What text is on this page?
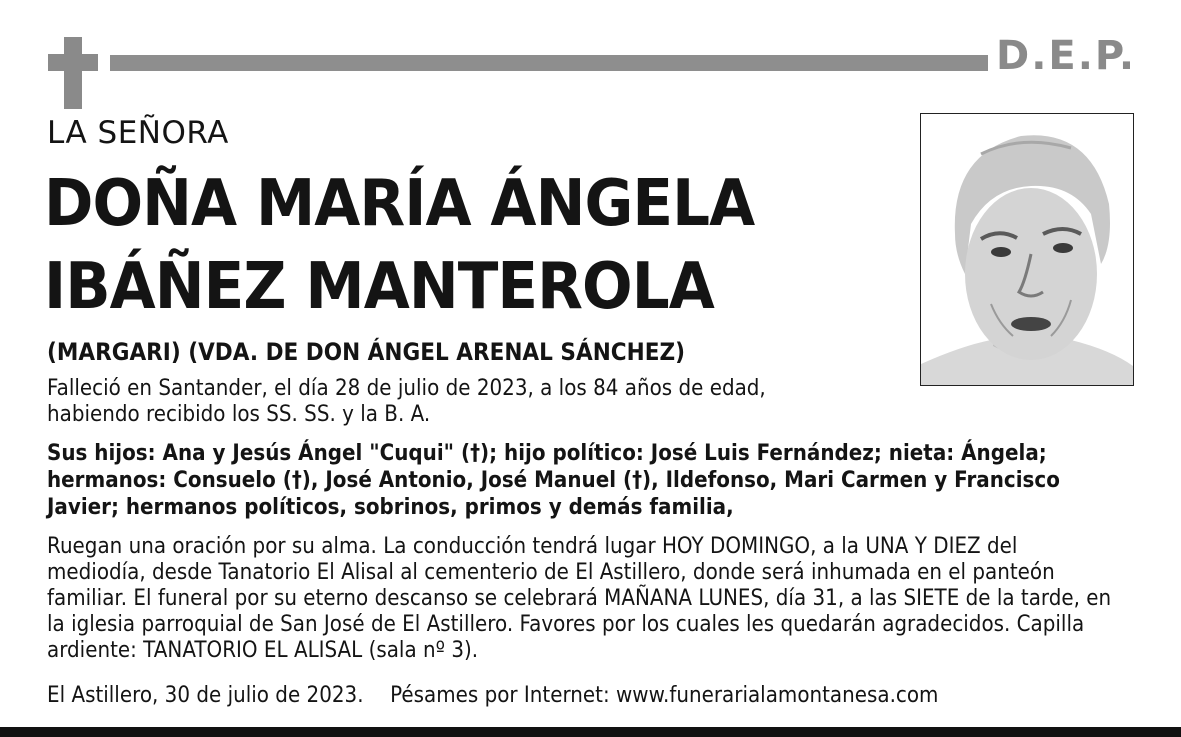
D.E.P.
LA SEÑORA
DOÑA MARÍA ÁNGELA
IBÁÑEZ MANTEROLA
(MARGARI) (VDA. DE DON ÁNGEL ARENAL SÁNCHEZ)
Falleció en Santander, el día 28 de julio de 2023, a los 84 años de edad, habiendo recibido los SS. SS. y la B. A.
Sus hijos: Ana y Jesús Ángel "Cuqui" (†); hijo político: José Luis Fernández; nieta: Ángela; hermanos: Consuelo (†), José Antonio, José Manuel (†), Ildefonso, Mari Carmen y Francisco Javier; hermanos políticos, sobrinos, primos y demás familia,
Ruegan una oración por su alma. La conducción tendrá lugar HOY DOMINGO, a la UNA Y DIEZ del mediodía, desde Tanatorio El Alisal al cementerio de El Astillero, donde será inhumada en el panteón familiar. El funeral por su eterno descanso se celebrará MAÑANA LUNES, día 31, a las SIETE de la tarde, en la iglesia parroquial de San José de El Astillero. Favores por los cuales les quedarán agradecidos. Capilla ardiente: TANATORIO EL ALISAL (sala nº 3).
El Astillero, 30 de julio de 2023. Pésames por Internet: www.funerarialamontanesa.com
